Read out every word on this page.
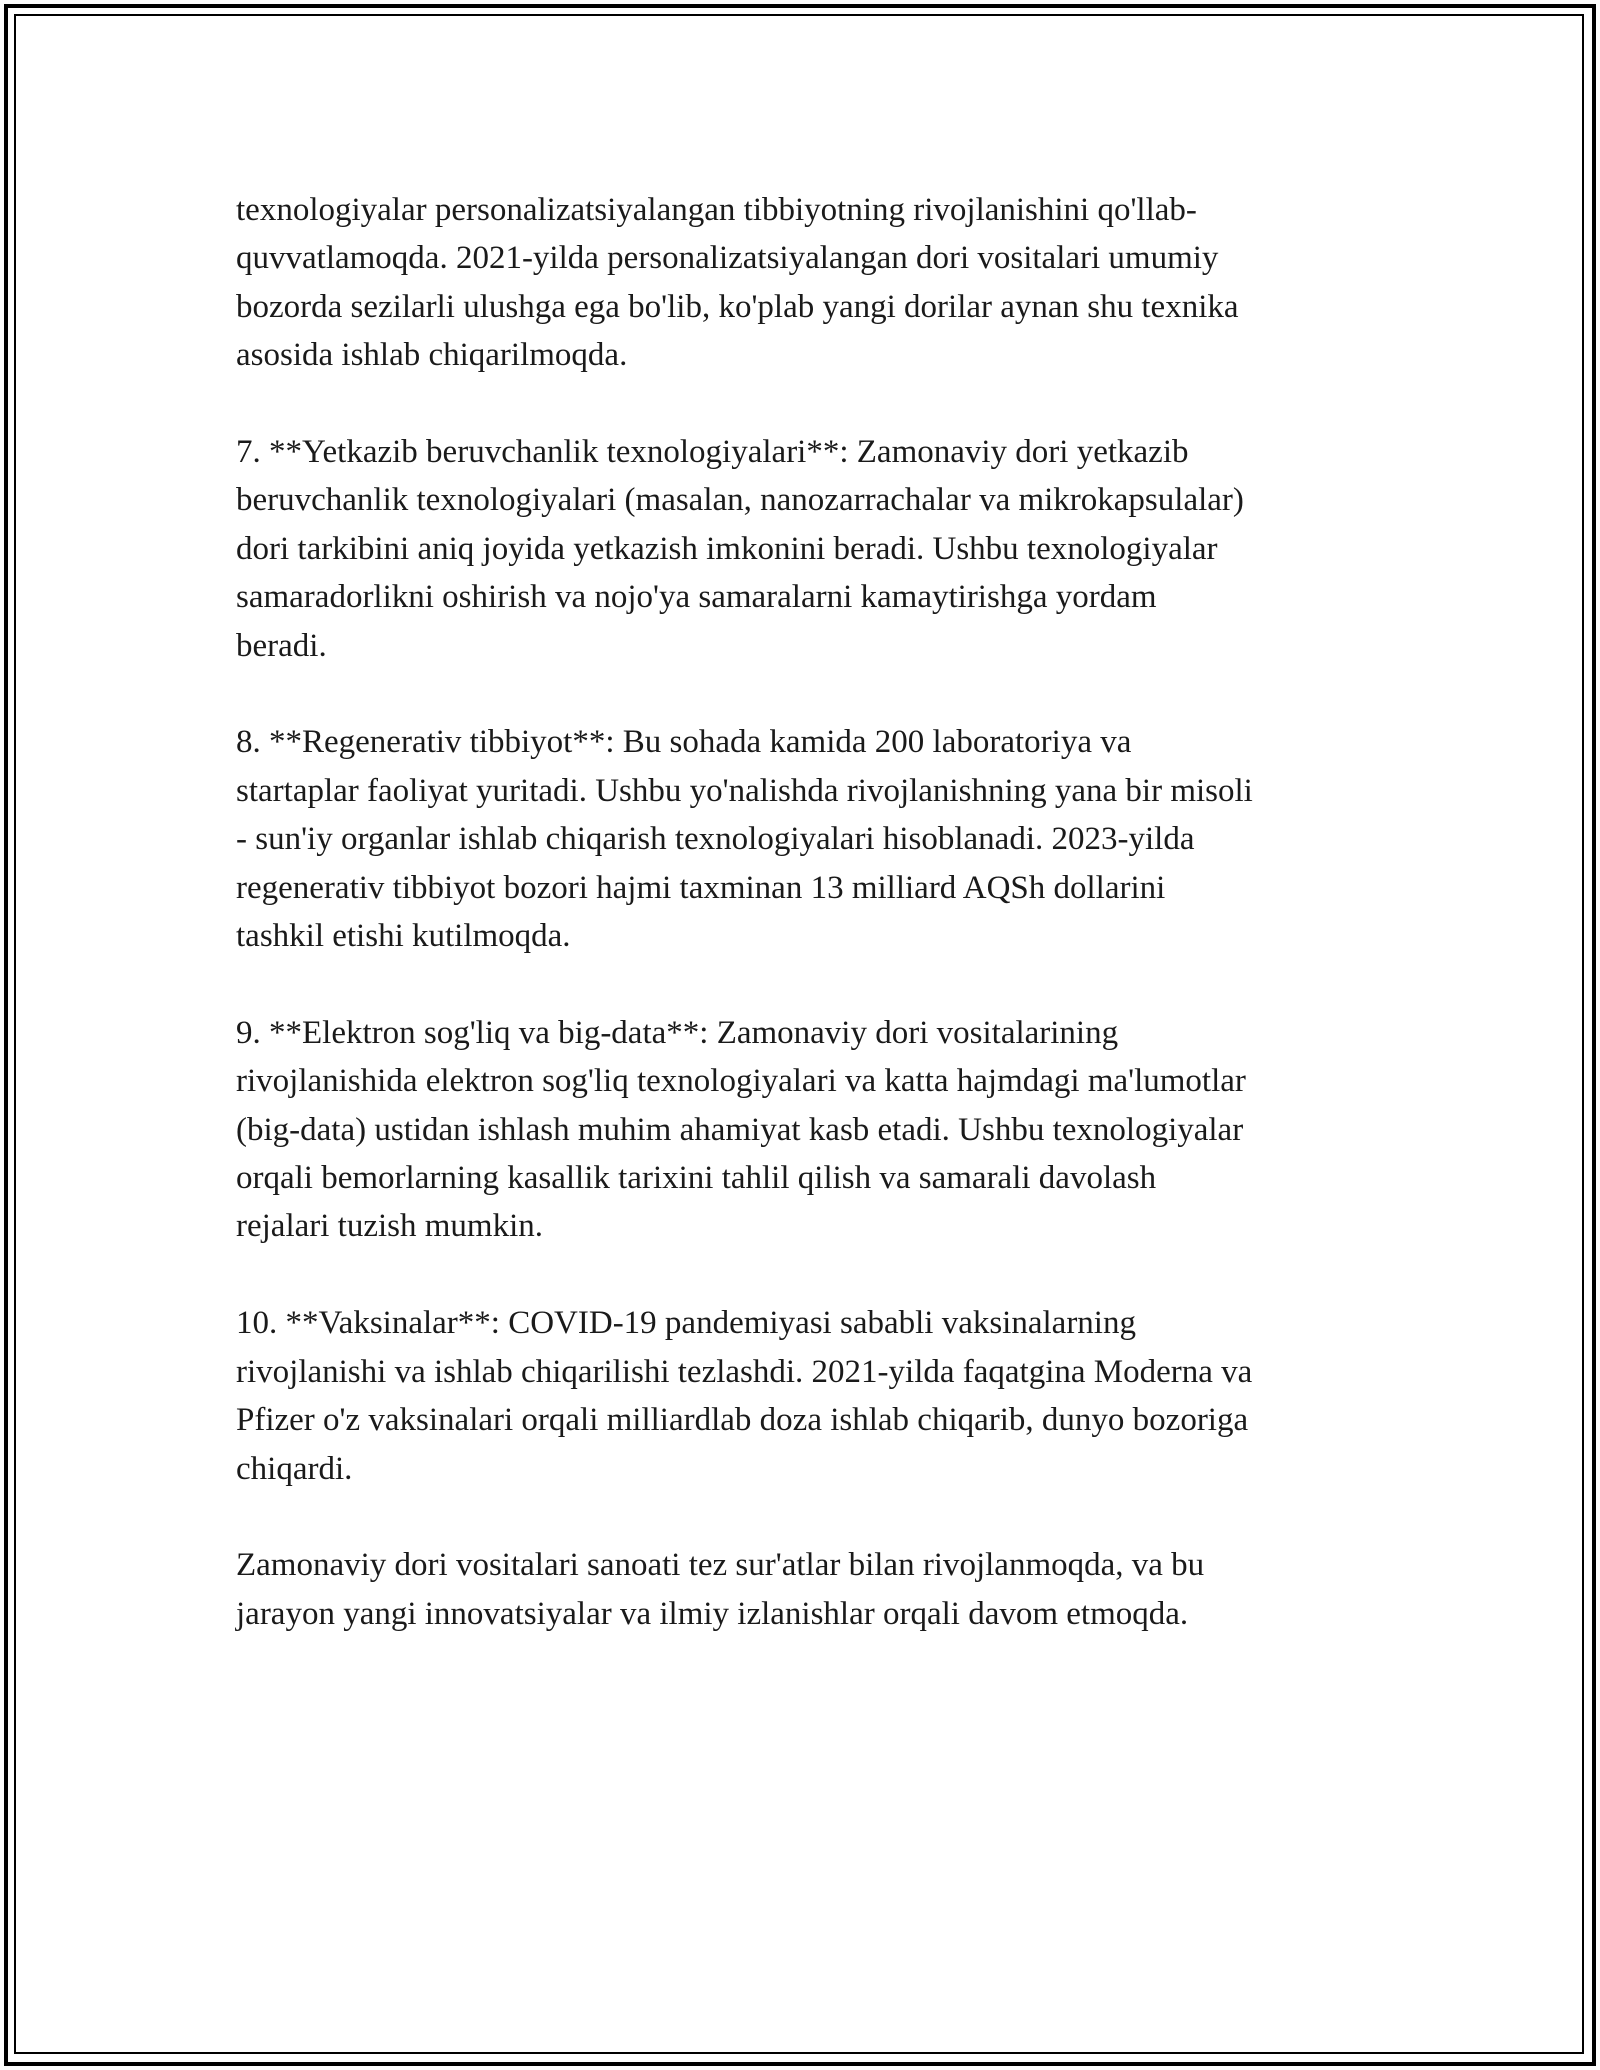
texnologiyalar personalizatsiyalangan tibbiyotning rivojlanishini qo'llab-
quvvatlamoqda. 2021-yilda personalizatsiyalangan dori vositalari umumiy
bozorda sezilarli ulushga ega bo'lib, ko'plab yangi dorilar aynan shu texnika
asosida ishlab chiqarilmoqda.

7. **Yetkazib beruvchanlik texnologiyalari**: Zamonaviy dori yetkazib
beruvchanlik texnologiyalari (masalan, nanozarrachalar va mikrokapsulalar)
dori tarkibini aniq joyida yetkazish imkonini beradi. Ushbu texnologiyalar
samaradorlikni oshirish va nojo'ya samaralarni kamaytirishga yordam
beradi.

8. **Regenerativ tibbiyot**: Bu sohada kamida 200 laboratoriya va
startaplar faoliyat yuritadi. Ushbu yo'nalishda rivojlanishning yana bir misoli
- sun'iy organlar ishlab chiqarish texnologiyalari hisoblanadi. 2023-yilda
regenerativ tibbiyot bozori hajmi taxminan 13 milliard AQSh dollarini
tashkil etishi kutilmoqda.

9. **Elektron sog'liq va big-data**: Zamonaviy dori vositalarining
rivojlanishida elektron sog'liq texnologiyalari va katta hajmdagi ma'lumotlar
(big-data) ustidan ishlash muhim ahamiyat kasb etadi. Ushbu texnologiyalar
orqali bemorlarning kasallik tarixini tahlil qilish va samarali davolash
rejalari tuzish mumkin.

10. **Vaksinalar**: COVID-19 pandemiyasi sababli vaksinalarning
rivojlanishi va ishlab chiqarilishi tezlashdi. 2021-yilda faqatgina Moderna va
Pfizer o'z vaksinalari orqali milliardlab doza ishlab chiqarib, dunyo bozoriga
chiqardi.

Zamonaviy dori vositalari sanoati tez sur'atlar bilan rivojlanmoqda, va bu
jarayon yangi innovatsiyalar va ilmiy izlanishlar orqali davom etmoqda.
